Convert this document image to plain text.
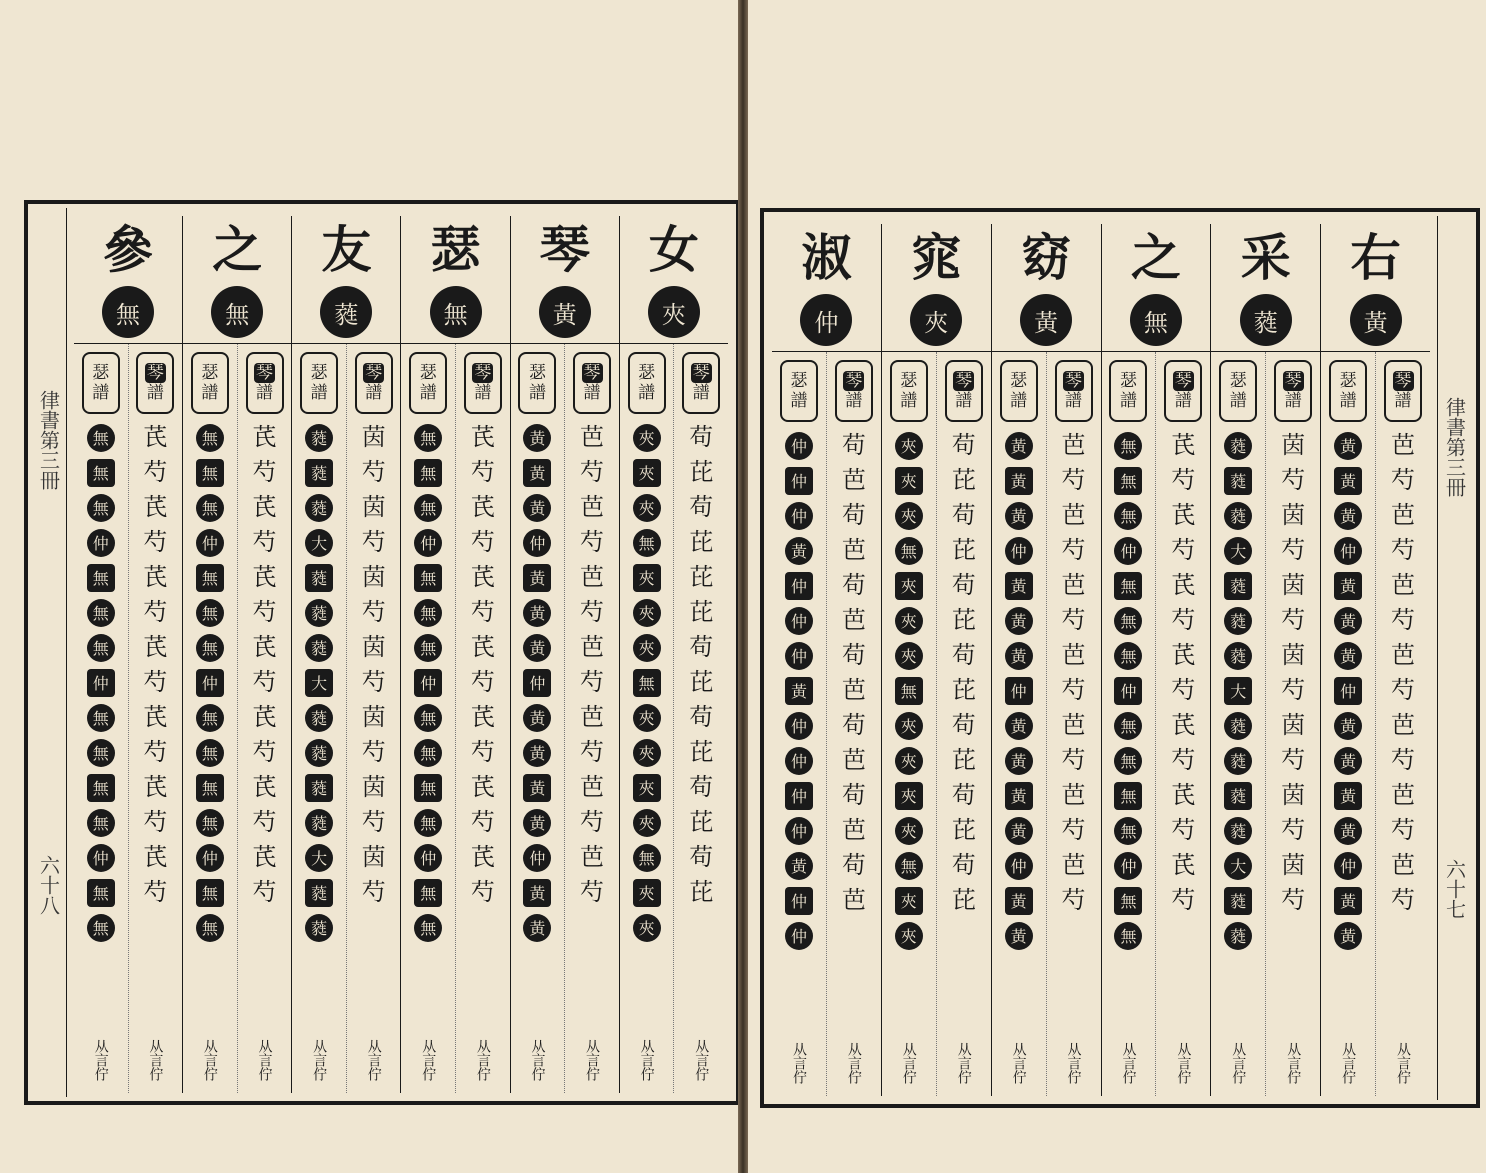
律書第三冊
六十八
女
夾
琴
譜
苟
芘
苟
芘
芘
芘
苟
芘
苟
芘
苟
芘
苟
芘
从言佇
瑟
譜
夾
夾
夾
無
夾
夾
夾
無
夾
夾
夾
夾
無
夾
夾
从言佇
琴
黃
琴
譜
芭
芍
芭
芍
芭
芍
芭
芍
芭
芍
芭
芍
芭
芍
从言佇
瑟
譜
黃
黃
黃
仲
黃
黃
黃
仲
黃
黃
黃
黃
仲
黃
黃
从言佇
瑟
無
琴
譜
芪
芍
芪
芍
芪
芍
芪
芍
芪
芍
芪
芍
芪
芍
从言佇
瑟
譜
無
無
無
仲
無
無
無
仲
無
無
無
無
仲
無
無
从言佇
友
蕤
琴
譜
茵
芍
茵
芍
茵
芍
茵
芍
茵
芍
茵
芍
茵
芍
从言佇
瑟
譜
蕤
蕤
蕤
大
蕤
蕤
蕤
大
蕤
蕤
蕤
蕤
大
蕤
蕤
从言佇
之
無
琴
譜
芪
芍
芪
芍
芪
芍
芪
芍
芪
芍
芪
芍
芪
芍
从言佇
瑟
譜
無
無
無
仲
無
無
無
仲
無
無
無
無
仲
無
無
从言佇
參
無
琴
譜
芪
芍
芪
芍
芪
芍
芪
芍
芪
芍
芪
芍
芪
芍
从言佇
瑟
譜
無
無
無
仲
無
無
無
仲
無
無
無
無
仲
無
無
从言佇
律書第三冊
六十七
右
黃
琴
譜
芭
芍
芭
芍
芭
芍
芭
芍
芭
芍
芭
芍
芭
芍
从言佇
瑟
譜
黃
黃
黃
仲
黃
黃
黃
仲
黃
黃
黃
黃
仲
黃
黃
从言佇
采
蕤
琴
譜
茵
芍
茵
芍
茵
芍
茵
芍
茵
芍
茵
芍
茵
芍
从言佇
瑟
譜
蕤
蕤
蕤
大
蕤
蕤
蕤
大
蕤
蕤
蕤
蕤
大
蕤
蕤
从言佇
之
無
琴
譜
芪
芍
芪
芍
芪
芍
芪
芍
芪
芍
芪
芍
芪
芍
从言佇
瑟
譜
無
無
無
仲
無
無
無
仲
無
無
無
無
仲
無
無
从言佇
窈
黃
琴
譜
芭
芍
芭
芍
芭
芍
芭
芍
芭
芍
芭
芍
芭
芍
从言佇
瑟
譜
黃
黃
黃
仲
黃
黃
黃
仲
黃
黃
黃
黃
仲
黃
黃
从言佇
窕
夾
琴
譜
苟
芘
苟
芘
苟
芘
苟
芘
苟
芘
苟
芘
苟
芘
从言佇
瑟
譜
夾
夾
夾
無
夾
夾
夾
無
夾
夾
夾
夾
無
夾
夾
从言佇
淑
仲
琴
譜
苟
芭
苟
芭
苟
芭
苟
芭
苟
芭
苟
芭
苟
芭
从言佇
瑟
譜
仲
仲
仲
黃
仲
仲
仲
黃
仲
仲
仲
仲
黃
仲
仲
从言佇
